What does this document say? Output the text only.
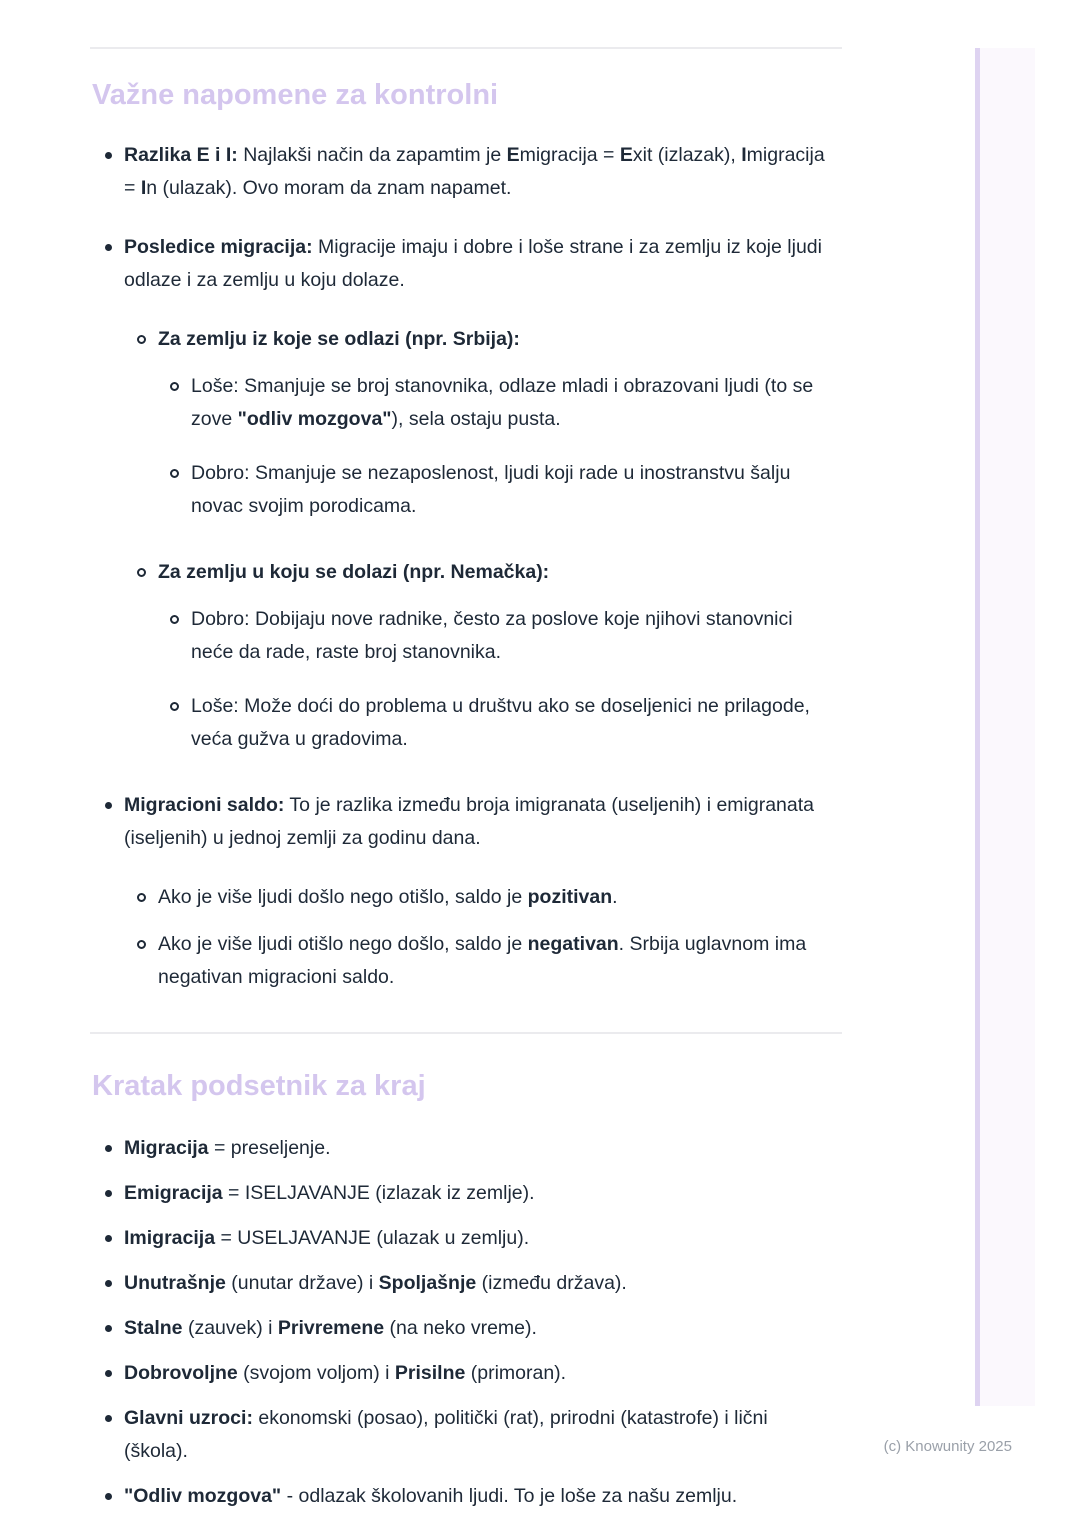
Važne napomene za kontrolni
Razlika E i I: Najlakši način da zapamtim je Emigracija = Exit (izlazak), Imigracija = In (ulazak). Ovo moram da znam napamet.
Posledice migracija: Migracije imaju i dobre i loše strane i za zemlju iz koje ljudi odlaze i za zemlju u koju dolaze.
Za zemlju iz koje se odlazi (npr. Srbija):
Loše: Smanjuje se broj stanovnika, odlaze mladi i obrazovani ljudi (to se zove "odliv mozgova"), sela ostaju pusta.
Dobro: Smanjuje se nezaposlenost, ljudi koji rade u inostranstvu šalju novac svojim porodicama.
Za zemlju u koju se dolazi (npr. Nemačka):
Dobro: Dobijaju nove radnike, često za poslove koje njihovi stanovnici neće da rade, raste broj stanovnika.
Loše: Može doći do problema u društvu ako se doseljenici ne prilagode, veća gužva u gradovima.
Migracioni saldo: To je razlika između broja imigranata (useljenih) i emigranata (iseljenih) u jednoj zemlji za godinu dana.
Ako je više ljudi došlo nego otišlo, saldo je pozitivan.
Ako je više ljudi otišlo nego došlo, saldo je negativan. Srbija uglavnom ima negativan migracioni saldo.
Kratak podsetnik za kraj
Migracija = preseljenje.
Emigracija = ISELJAVANJE (izlazak iz zemlje).
Imigracija = USELJAVANJE (ulazak u zemlju).
Unutrašnje (unutar države) i Spoljašnje (između država).
Stalne (zauvek) i Privremene (na neko vreme).
Dobrovoljne (svojom voljom) i Prisilne (primoran).
Glavni uzroci: ekonomski (posao), politički (rat), prirodni (katastrofe) i lični (škola).
"Odliv mozgova" - odlazak školovanih ljudi. To je loše za našu zemlju.
(c) Knowunity 2025
